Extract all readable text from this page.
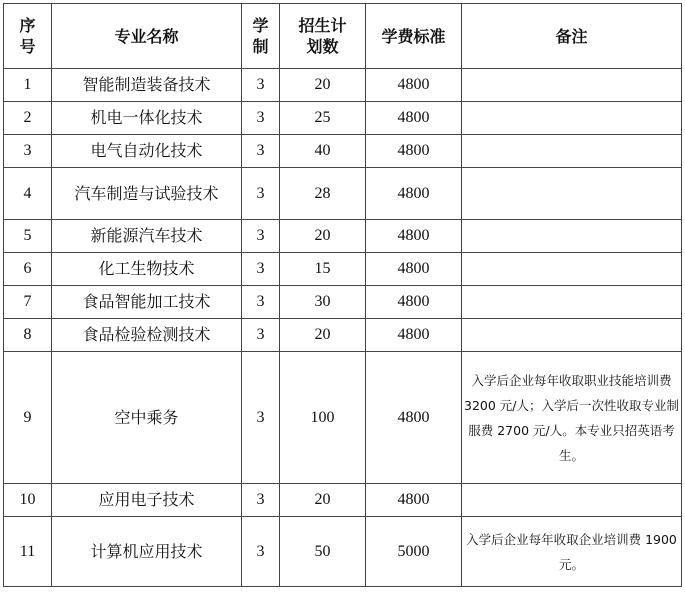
序号	专业名称	学制	招生计划数	学费标准	备注
1	智能制造装备技术	3	20	4800	
2	机电一体化技术	3	25	4800	
3	电气自动化技术	3	40	4800	
4	汽车制造与试验技术	3	28	4800	
5	新能源汽车技术	3	20	4800	
6	化工生物技术	3	15	4800	
7	食品智能加工技术	3	30	4800	
8	食品检验检测技术	3	20	4800	
9	空中乘务	3	100	4800	入学后企业每年收取职业技能培训费 3200 元/人；入学后一次性收取专业制服费 2700 元/人。本专业只招英语考生。
10	应用电子技术	3	20	4800	
11	计算机应用技术	3	50	5000	入学后企业每年收取企业培训费 1900 元。
